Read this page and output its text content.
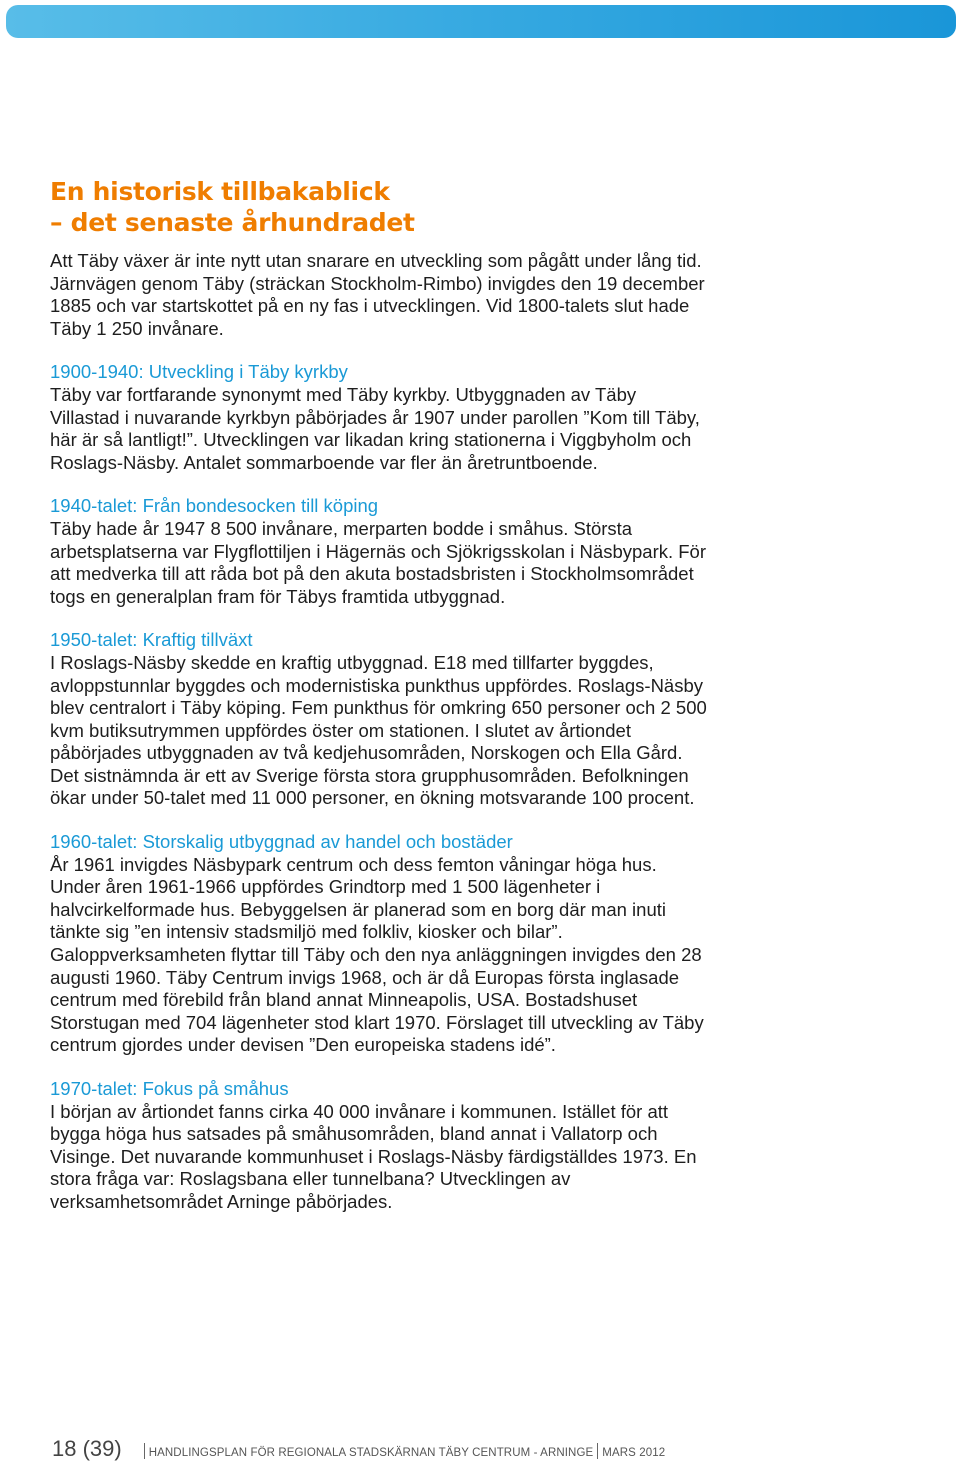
En historisk tillbakablick
– det senaste århundradet

Att Täby växer är inte nytt utan snarare en utveckling som pågått under lång tid. Järnvägen genom Täby (sträckan Stockholm-Rimbo) invigdes den 19 december 1885 och var startskottet på en ny fas i utvecklingen. Vid 1800-talets slut hade Täby 1 250 invånare.

1900-1940: Utveckling i Täby kyrkby

Täby var fortfarande synonymt med Täby kyrkby. Utbyggnaden av Täby Villastad i nuvarande kyrkbyn påbörjades år 1907 under parollen ”Kom till Täby, här är så lantligt!”. Utvecklingen var likadan kring stationerna i Viggbyholm och Roslags-Näsby. Antalet sommarboende var fler än åretruntboende.

1940-talet: Från bondesocken till köping

Täby hade år 1947 8 500 invånare, merparten bodde i småhus. Största arbetsplatserna var Flygflottiljen i Hägernäs och Sjökrigsskolan i Näsbypark. För att medverka till att råda bot på den akuta bostadsbristen i Stockholmsområdet togs en generalplan fram för Täbys framtida utbyggnad.

1950-talet: Kraftig tillväxt

I Roslags-Näsby skedde en kraftig utbyggnad. E18 med tillfarter byggdes, avloppstunnlar byggdes och modernistiska punkthus uppfördes. Roslags-Näsby blev centralort i Täby köping. Fem punkthus för omkring 650 personer och 2 500 kvm butiksutrymmen uppfördes öster om stationen. I slutet av årtiondet påbörjades utbyggnaden av två kedjehusområden, Norskogen och Ella Gård. Det sistnämnda är ett av Sverige första stora grupphusområden. Befolkningen ökar under 50-talet med 11 000 personer, en ökning motsvarande 100 procent.

1960-talet: Storskalig utbyggnad av handel och bostäder

År 1961 invigdes Näsbypark centrum och dess femton våningar höga hus. Under åren 1961-1966 uppfördes Grindtorp med 1 500 lägenheter i halvcirkelformade hus. Bebyggelsen är planerad som en borg där man inuti tänkte sig ”en intensiv stadsmiljö med folkliv, kiosker och bilar”. Galoppverksamheten flyttar till Täby och den nya anläggningen invigdes den 28 augusti 1960. Täby Centrum invigs 1968, och är då Europas första inglasade centrum med förebild från bland annat Minneapolis, USA. Bostadshuset Storstugan med 704 lägenheter stod klart 1970. Förslaget till utveckling av Täby centrum gjordes under devisen ”Den europeiska stadens idé”.

1970-talet: Fokus på småhus

I början av årtiondet fanns cirka 40 000 invånare i kommunen. Istället för att bygga höga hus satsades på småhusområden, bland annat i Vallatorp och Visinge. Det nuvarande kommunhuset i Roslags-Näsby färdigställdes 1973. En stora fråga var: Roslagsbana eller tunnelbana? Utvecklingen av verksamhetsområdet Arninge påbörjades.

18 (39) HANDLINGSPLAN FÖR REGIONALA STADSKÄRNAN TÄBY CENTRUM - ARNINGE MARS 2012
